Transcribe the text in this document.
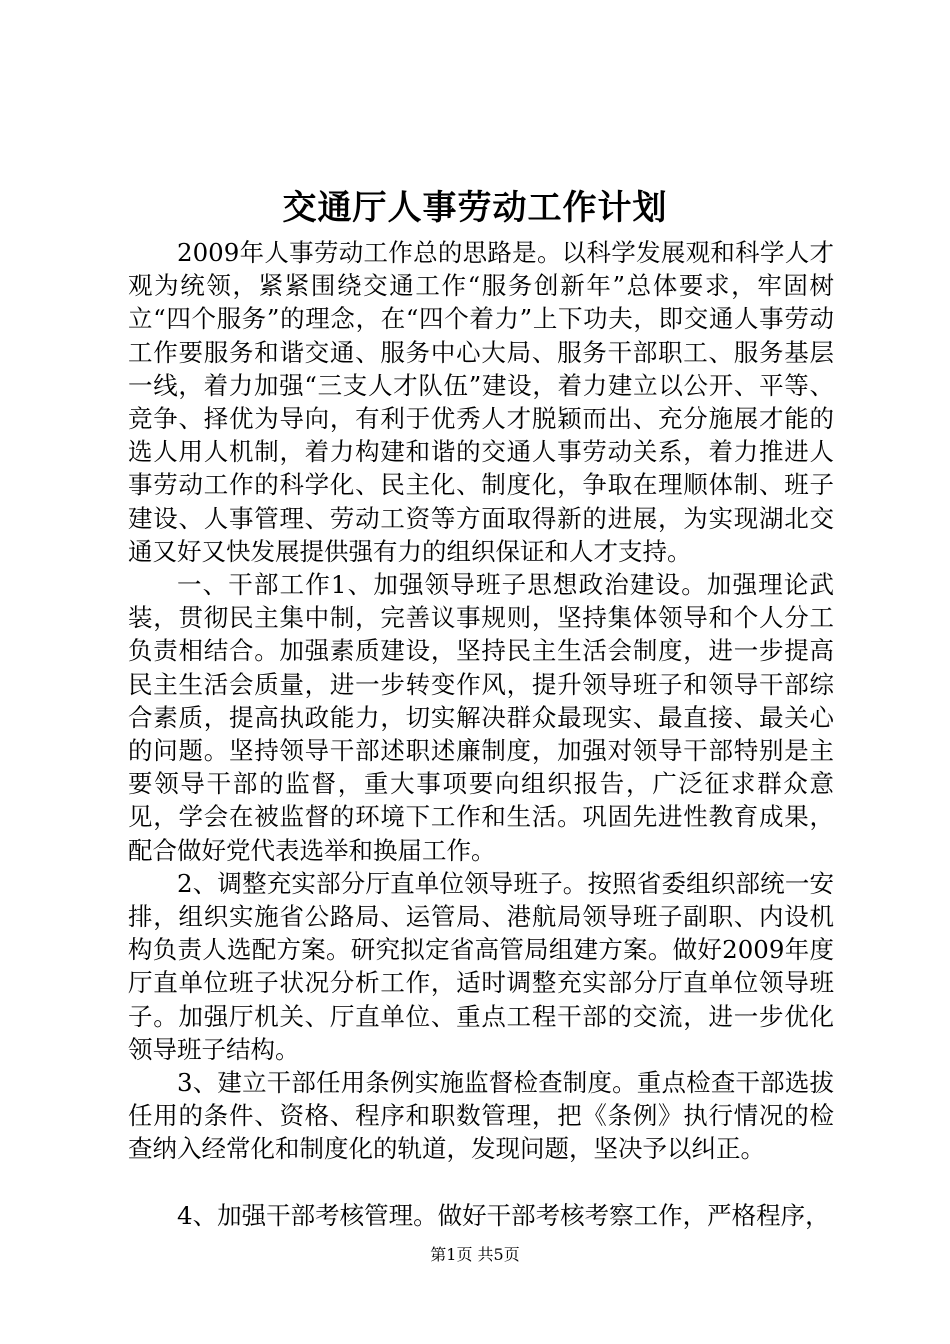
交通厅人事劳动工作计划

2009年人事劳动工作总的思路是。以科学发展观和科学人才观为统领，紧紧围绕交通工作“服务创新年”总体要求，牢固树立“四个服务”的理念，在“四个着力”上下功夫，即交通人事劳动工作要服务和谐交通、服务中心大局、服务干部职工、服务基层一线，着力加强“三支人才队伍”建设，着力建立以公开、平等、竞争、择优为导向，有利于优秀人才脱颖而出、充分施展才能的选人用人机制，着力构建和谐的交通人事劳动关系，着力推进人事劳动工作的科学化、民主化、制度化，争取在理顺体制、班子建设、人事管理、劳动工资等方面取得新的进展，为实现湖北交通又好又快发展提供强有力的组织保证和人才支持。

一、干部工作1、加强领导班子思想政治建设。加强理论武装，贯彻民主集中制，完善议事规则，坚持集体领导和个人分工负责相结合。加强素质建设，坚持民主生活会制度，进一步提高民主生活会质量，进一步转变作风，提升领导班子和领导干部综合素质，提高执政能力，切实解决群众最现实、最直接、最关心的问题。坚持领导干部述职述廉制度，加强对领导干部特别是主要领导干部的监督，重大事项要向组织报告，广泛征求群众意见，学会在被监督的环境下工作和生活。巩固先进性教育成果，配合做好党代表选举和换届工作。

2、调整充实部分厅直单位领导班子。按照省委组织部统一安排，组织实施省公路局、运管局、港航局领导班子副职、内设机构负责人选配方案。研究拟定省高管局组建方案。做好2009年度厅直单位班子状况分析工作，适时调整充实部分厅直单位领导班子。加强厅机关、厅直单位、重点工程干部的交流，进一步优化领导班子结构。

3、建立干部任用条例实施监督检查制度。重点检查干部选拔任用的条件、资格、程序和职数管理，把《条例》执行情况的检查纳入经常化和制度化的轨道，发现问题，坚决予以纠正。

4、加强干部考核管理。做好干部考核考察工作，严格程序，

第1页 共5页
